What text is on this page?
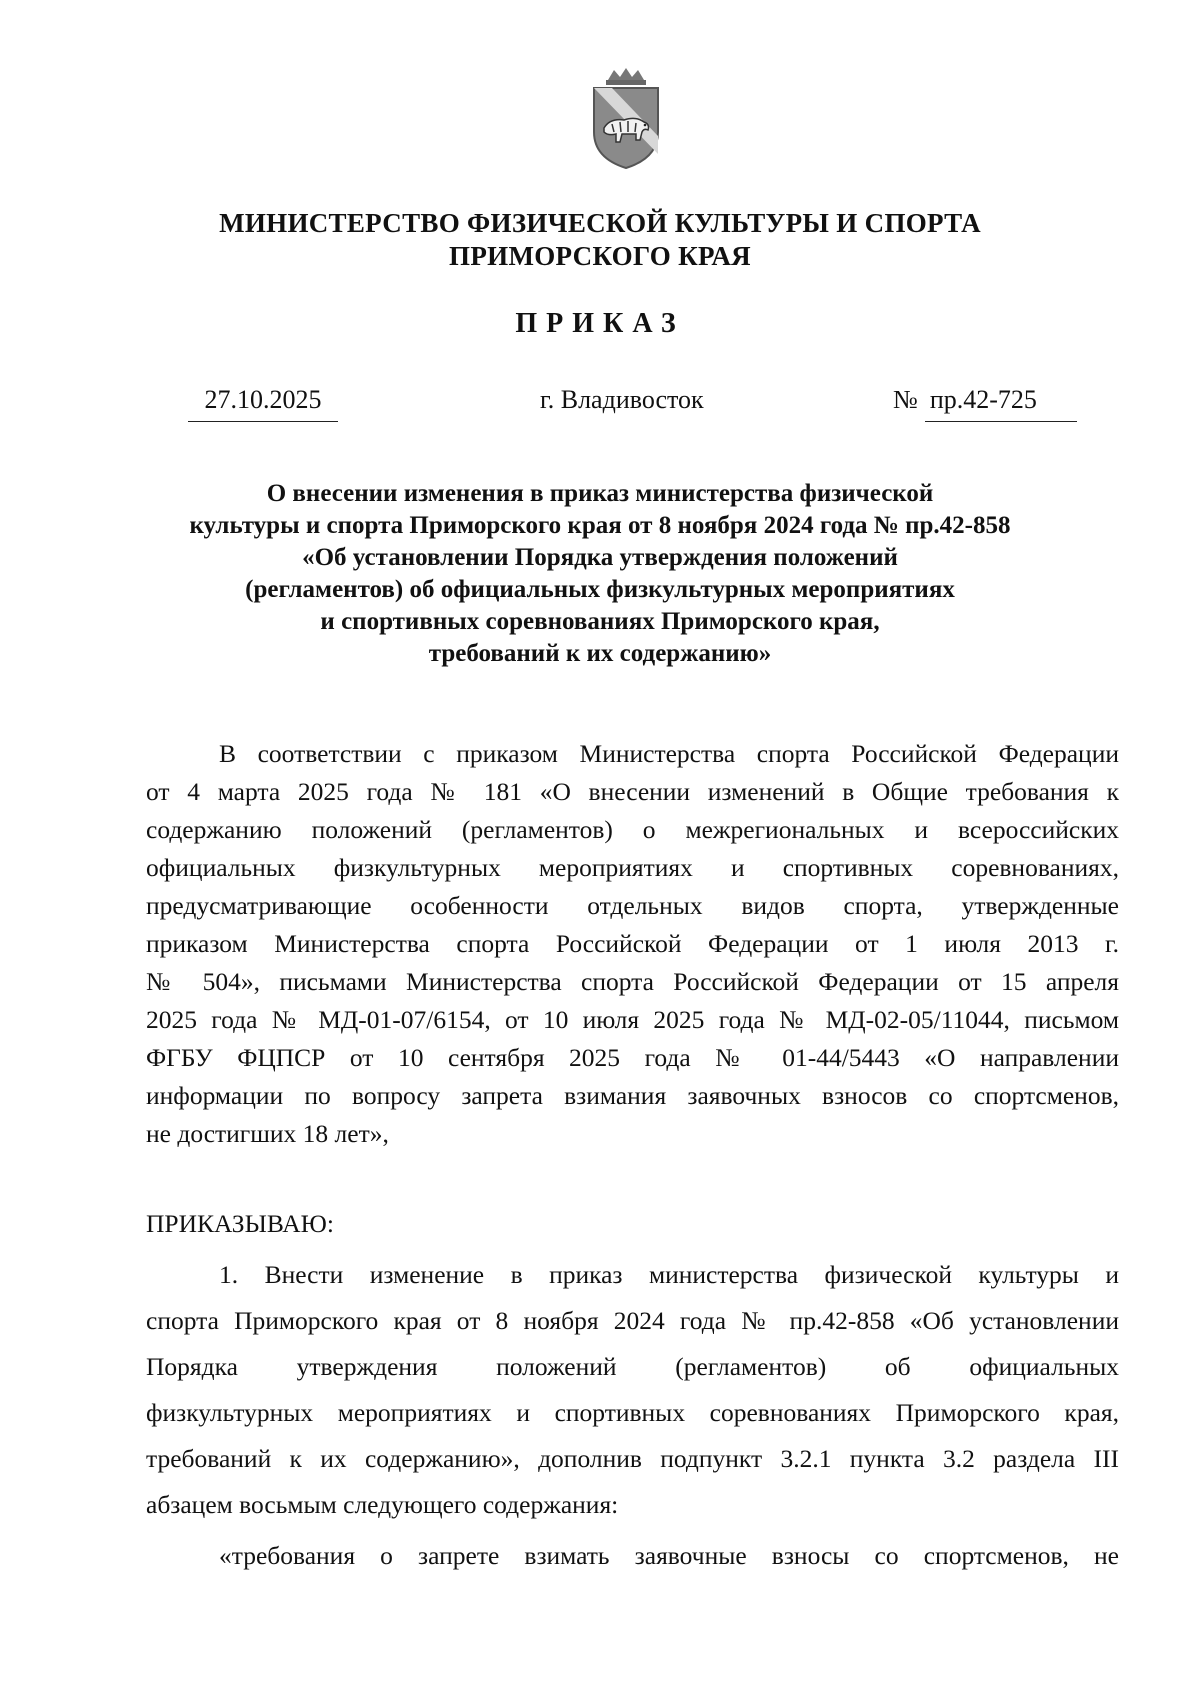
МИНИСТЕРСТВО ФИЗИЧЕСКОЙ КУЛЬТУРЫ И СПОРТА
ПРИМОРСКОГО КРАЯ
ПРИКАЗ
27.10.2025	г. Владивосток	№ пр.42-725
О внесении изменения в приказ министерства физической
культуры и спорта Приморского края от 8 ноября 2024 года № пр.42-858
«Об установлении Порядка утверждения положений
(регламентов) об официальных физкультурных мероприятиях
и спортивных соревнованиях Приморского края,
требований к их содержанию»
В соответствии с приказом Министерства спорта Российской Федерации
от 4 марта 2025 года № 181 «О внесении изменений в Общие требования к
содержанию положений (регламентов) о межрегиональных и всероссийских
официальных физкультурных мероприятиях и спортивных соревнованиях,
предусматривающие особенности отдельных видов спорта, утвержденные
приказом Министерства спорта Российской Федерации от 1 июля 2013 г.
№ 504», письмами Министерства спорта Российской Федерации от 15 апреля
2025 года № МД-01-07/6154, от 10 июля 2025 года № МД-02-05/11044, письмом
ФГБУ ФЦПСР от 10 сентября 2025 года № 01-44/5443 «О направлении
информации по вопросу запрета взимания заявочных взносов со спортсменов,
не достигших 18 лет»,
ПРИКАЗЫВАЮ:
1. Внести изменение в приказ министерства физической культуры и
спорта Приморского края от 8 ноября 2024 года № пр.42-858 «Об установлении
Порядка утверждения положений (регламентов) об официальных
физкультурных мероприятиях и спортивных соревнованиях Приморского края,
требований к их содержанию», дополнив подпункт 3.2.1 пункта 3.2 раздела III
абзацем восьмым следующего содержания:
«требования о запрете взимать заявочные взносы со спортсменов, не
